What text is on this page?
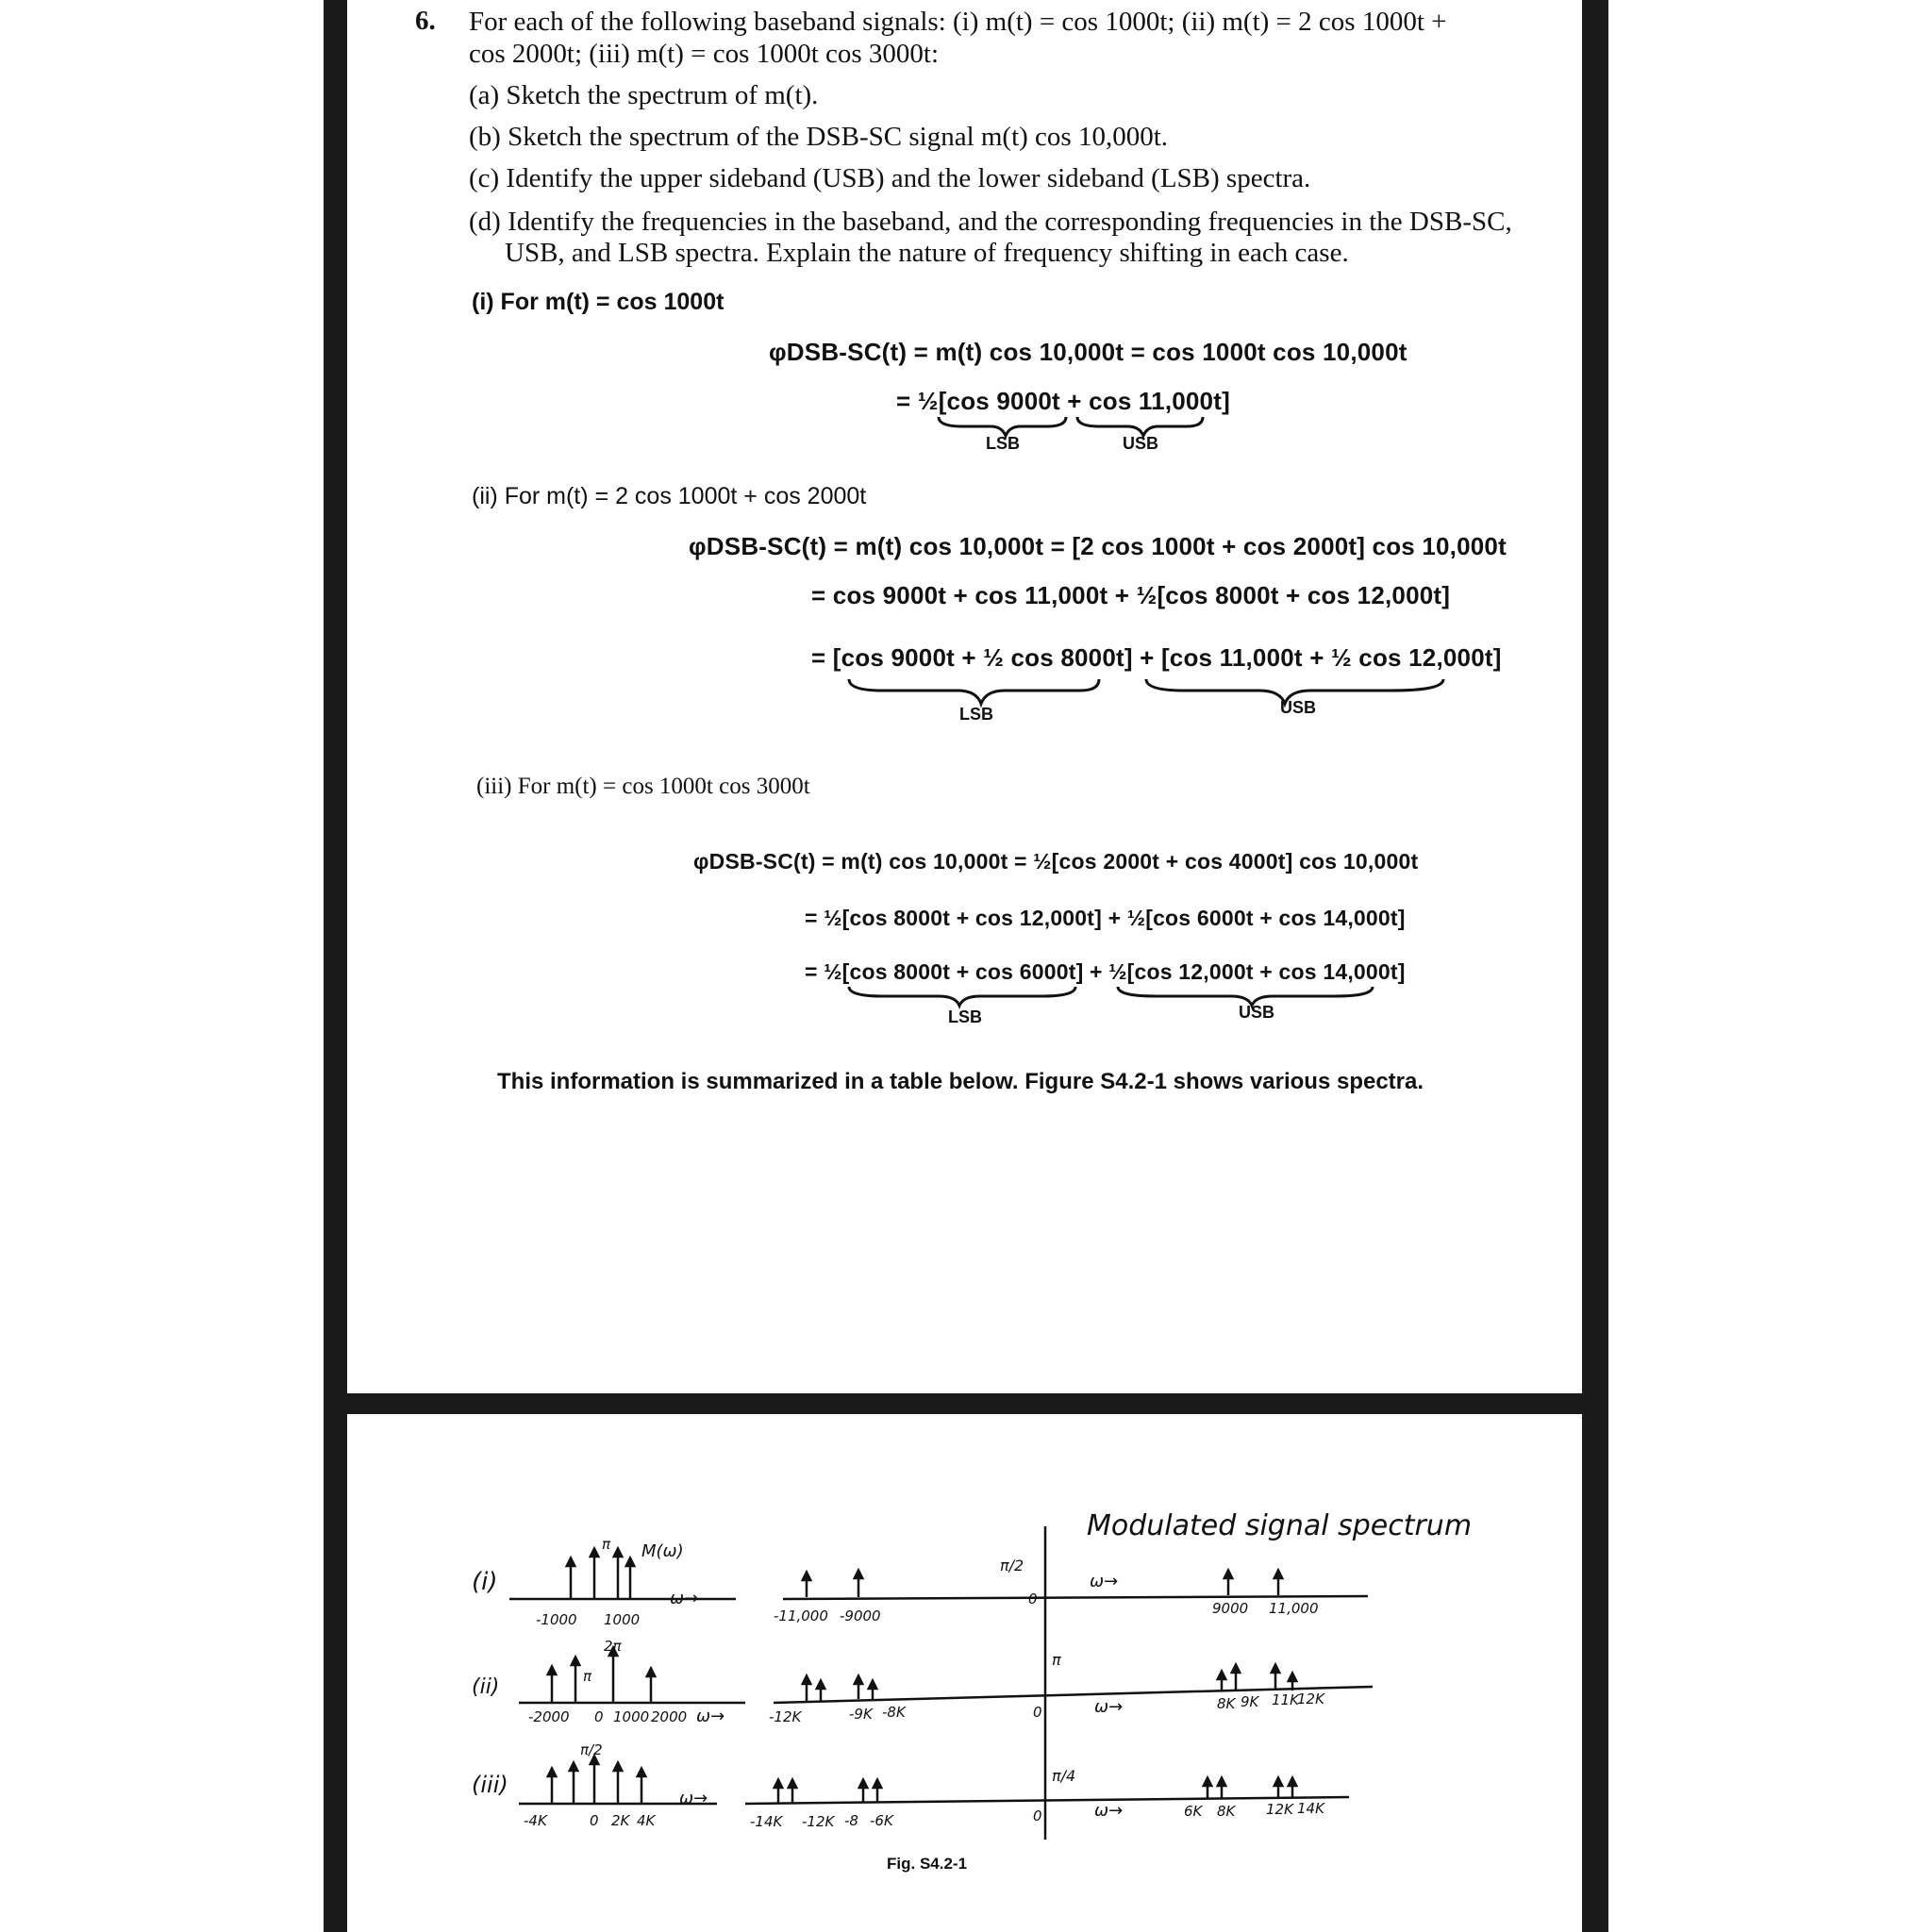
6. For each of the following baseband signals: (i) m(t) = cos 1000t; (ii) m(t) = 2 cos 1000t +
cos 2000t; (iii) m(t) = cos 1000t cos 3000t:
(a) Sketch the spectrum of m(t).
(b) Sketch the spectrum of the DSB-SC signal m(t) cos 10,000t.
(c) Identify the upper sideband (USB) and the lower sideband (LSB) spectra.
(d) Identify the frequencies in the baseband, and the corresponding frequencies in the DSB-SC,
USB, and LSB spectra. Explain the nature of frequency shifting in each case.
(i) For m(t) = cos 1000t
φDSB-SC(t) = m(t) cos 10,000t = cos 1000t cos 10,000t
= ½[cos 9000t + cos 11,000t]
LSB	USB
(ii) For m(t) = 2 cos 1000t + cos 2000t
φDSB-SC(t) = m(t) cos 10,000t = [2 cos 1000t + cos 2000t] cos 10,000t
= cos 9000t + cos 11,000t + ½[cos 8000t + cos 12,000t]
= [cos 9000t + ½ cos 8000t] + [cos 11,000t + ½ cos 12,000t]
LSB	USB
(iii) For m(t) = cos 1000t cos 3000t
φDSB-SC(t) = m(t) cos 10,000t = ½[cos 2000t + cos 4000t] cos 10,000t
= ½[cos 8000t + cos 12,000t] + ½[cos 6000t + cos 14,000t]
= ½[cos 8000t + cos 6000t] + ½[cos 12,000t + cos 14,000t]
LSB	USB
This information is summarized in a table below. Figure S4.2-1 shows various spectra.
Modulated signal spectrum
Fig. S4.2-1
(i)
(ii)
(iii)
M(ω)
π
ω→
-1000 1000	-11,000 -9000	9000 11,000
π/2
0
ω→
2π
π
-2000 0 1000 2000 ω→	-12K	-9K -8K	8K 9K 11K
12K
π
0	ω→
π/2
-4K	0 2K 4K
ω→
-14K -12K -8 -6K
6K 8K 12K 14K
π/4
0	ω→
